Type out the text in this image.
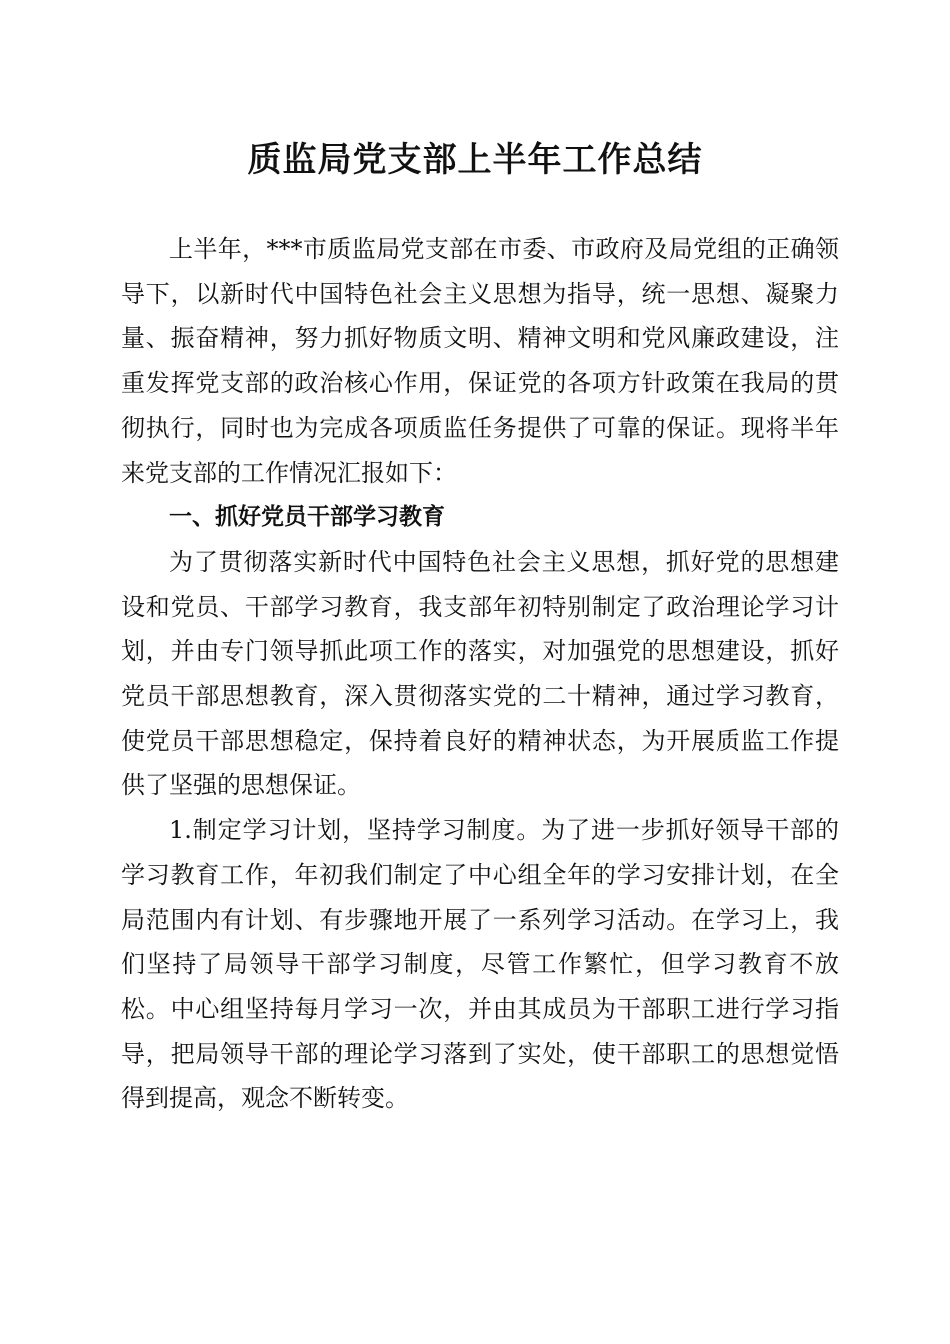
质监局党支部上半年工作总结

上半年，***市质监局党支部在市委、市政府及局党组的正确领导下，以新时代中国特色社会主义思想为指导，统一思想、凝聚力量、振奋精神，努力抓好物质文明、精神文明和党风廉政建设，注重发挥党支部的政治核心作用，保证党的各项方针政策在我局的贯彻执行，同时也为完成各项质监任务提供了可靠的保证。现将半年来党支部的工作情况汇报如下：

一、抓好党员干部学习教育

为了贯彻落实新时代中国特色社会主义思想，抓好党的思想建设和党员、干部学习教育，我支部年初特别制定了政治理论学习计划，并由专门领导抓此项工作的落实，对加强党的思想建设，抓好党员干部思想教育，深入贯彻落实党的二十精神，通过学习教育，使党员干部思想稳定，保持着良好的精神状态，为开展质监工作提供了坚强的思想保证。

1.制定学习计划，坚持学习制度。为了进一步抓好领导干部的学习教育工作，年初我们制定了中心组全年的学习安排计划，在全局范围内有计划、有步骤地开展了一系列学习活动。在学习上，我们坚持了局领导干部学习制度，尽管工作繁忙，但学习教育不放松。中心组坚持每月学习一次，并由其成员为干部职工进行学习指导，把局领导干部的理论学习落到了实处，使干部职工的思想觉悟得到提高，观念不断转变。
